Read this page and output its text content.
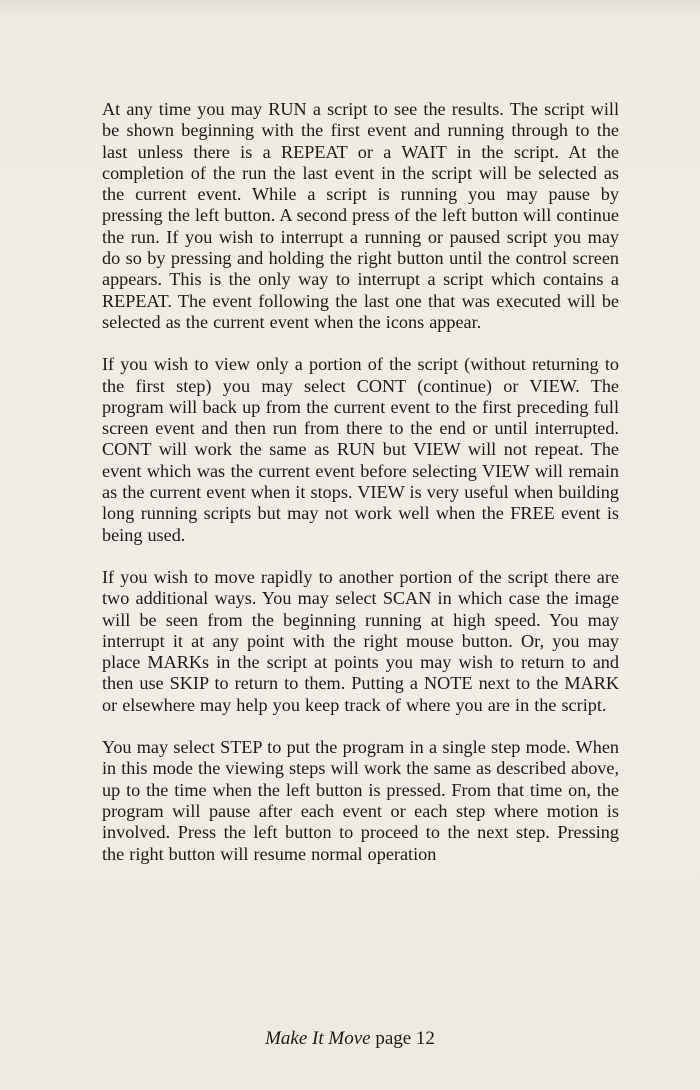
At any time you may RUN a script to see the results. The script will be shown beginning with the first event and running through to the last unless there is a REPEAT or a WAIT in the script. At the completion of the run the last event in the script will be selected as the current event. While a script is running you may pause by pressing the left button. A second press of the left button will continue the run. If you wish to interrupt a running or paused script you may do so by pressing and holding the right button until the control screen appears. This is the only way to interrupt a script which contains a REPEAT. The event following the last one that was executed will be selected as the current event when the icons appear.

If you wish to view only a portion of the script (without returning to the first step) you may select CONT (continue) or VIEW. The program will back up from the current event to the first preceding full screen event and then run from there to the end or until interrupted. CONT will work the same as RUN but VIEW will not repeat. The event which was the current event before selecting VIEW will remain as the current event when it stops. VIEW is very useful when building long running scripts but may not work well when the FREE event is being used.

If you wish to move rapidly to another portion of the script there are two additional ways. You may select SCAN in which case the image will be seen from the beginning running at high speed. You may interrupt it at any point with the right mouse button. Or, you may place MARKs in the script at points you may wish to return to and then use SKIP to return to them. Putting a NOTE next to the MARK or elsewhere may help you keep track of where you are in the script.

You may select STEP to put the program in a single step mode. When in this mode the viewing steps will work the same as described above, up to the time when the left button is pressed. From that time on, the program will pause after each event or each step where motion is involved. Press the left button to proceed to the next step. Pressing the right button will resume normal operation

Make It Move page 12
